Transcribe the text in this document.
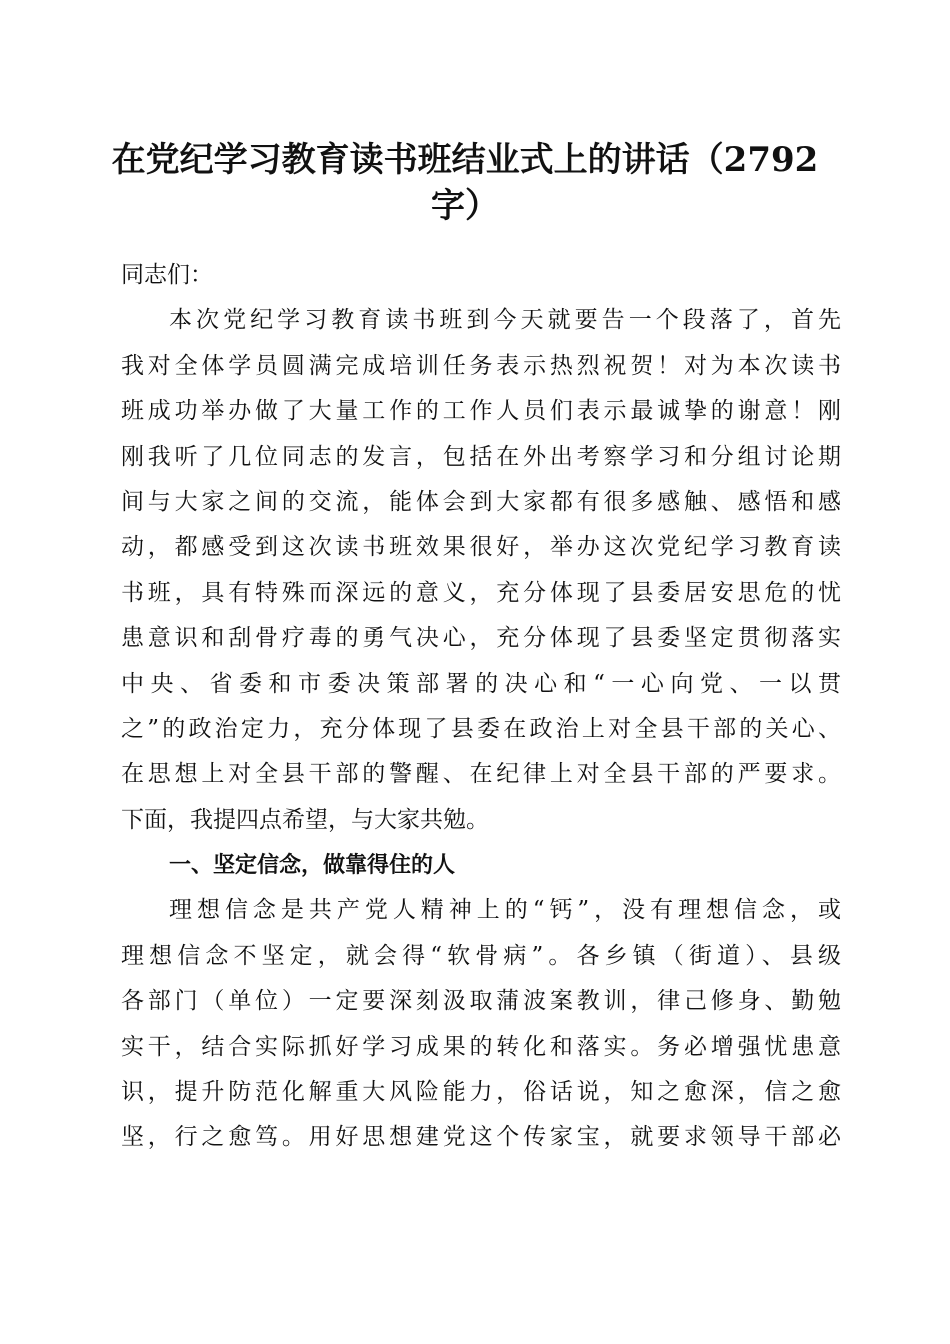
在党纪学习教育读书班结业式上的讲话（2792
字）
同志们：
本次党纪学习教育读书班到今天就要告一个段落了，首先
我对全体学员圆满完成培训任务表示热烈祝贺！对为本次读书
班成功举办做了大量工作的工作人员们表示最诚挚的谢意！刚
刚我听了几位同志的发言，包括在外出考察学习和分组讨论期
间与大家之间的交流，能体会到大家都有很多感触、感悟和感
动，都感受到这次读书班效果很好，举办这次党纪学习教育读
书班，具有特殊而深远的意义，充分体现了县委居安思危的忧
患意识和刮骨疗毒的勇气决心，充分体现了县委坚定贯彻落实
中央、省委和市委决策部署的决心和“一心向党、一以贯
之”的政治定力，充分体现了县委在政治上对全县干部的关心、
在思想上对全县干部的警醒、在纪律上对全县干部的严要求。
下面，我提四点希望，与大家共勉。
一、坚定信念，做靠得住的人
理想信念是共产党人精神上的“钙”，没有理想信念，或
理想信念不坚定，就会得“软骨病”。各乡镇（街道）、县级
各部门（单位）一定要深刻汲取蒲波案教训，律己修身、勤勉
实干，结合实际抓好学习成果的转化和落实。务必增强忧患意
识，提升防范化解重大风险能力，俗话说，知之愈深，信之愈
坚，行之愈笃。用好思想建党这个传家宝，就要求领导干部必
